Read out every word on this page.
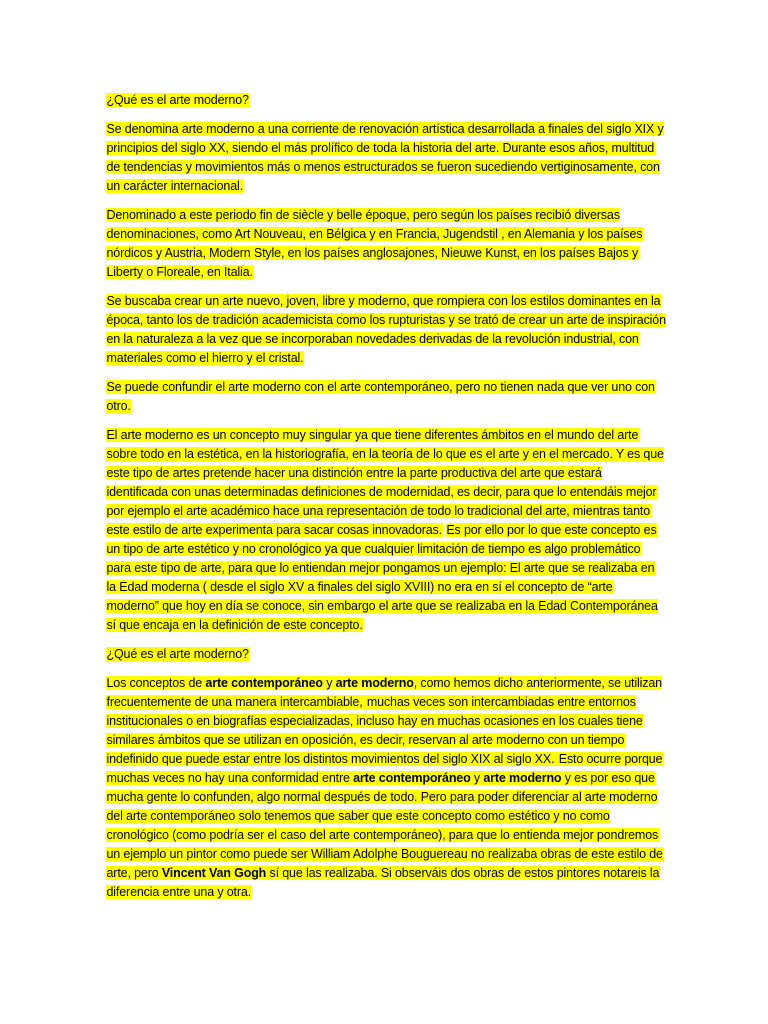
¿Qué es el arte moderno?

Se denomina arte moderno a una corriente de renovación artística desarrollada a finales del siglo XIX y principios del siglo XX, siendo el más prolífico de toda la historia del arte. Durante esos años, multitud de tendencias y movimientos más o menos estructurados se fueron sucediendo vertiginosamente, con un carácter internacional.

Denominado a este periodo fin de siècle y belle époque, pero según los países recibió diversas denominaciones, como Art Nouveau, en Bélgica y en Francia, Jugendstil , en Alemania y los países nórdicos y Austria, Modern Style, en los países anglosajones, Nieuwe Kunst, en los países Bajos y Liberty o Floreale, en Italia.

Se buscaba crear un arte nuevo, joven, libre y moderno, que rompiera con los estilos dominantes en la época, tanto los de tradición academicista como los rupturistas y se trató de crear un arte de inspiración en la naturaleza a la vez que se incorporaban novedades derivadas de la revolución industrial, con materiales como el hierro y el cristal.

Se puede confundir el arte moderno con el arte contemporáneo, pero no tienen nada que ver uno con otro.

El arte moderno es un concepto muy singular ya que tiene diferentes ámbitos en el mundo del arte sobre todo en la estética, en la historiografía, en la teoría de lo que es el arte y en el mercado. Y es que este tipo de artes pretende hacer una distinción entre la parte productiva del arte que estará identificada con unas determinadas definiciones de modernidad, es decir, para que lo entendáis mejor por ejemplo el arte académico hace una representación de todo lo tradicional del arte, mientras tanto este estilo de arte experimenta para sacar cosas innovadoras. Es por ello por lo que este concepto es un tipo de arte estético y no cronológico ya que cualquier limitación de tiempo es algo problemático para este tipo de arte, para que lo entiendan mejor pongamos un ejemplo: El arte que se realizaba en la Edad moderna ( desde el siglo XV a finales del siglo XVIII) no era en sí el concepto de “arte moderno” que hoy en día se conoce, sin embargo el arte que se realizaba en la Edad Contemporánea sí que encaja en la definición de este concepto.

¿Qué es el arte moderno?

Los conceptos de arte contemporáneo y arte moderno, como hemos dicho anteriormente, se utilizan frecuentemente de una manera intercambiable, muchas veces son intercambiadas entre entornos institucionales o en biografías especializadas, incluso hay en muchas ocasiones en los cuales tiene similares ámbitos que se utilizan en oposición, es decir, reservan al arte moderno con un tiempo indefinido que puede estar entre los distintos movimientos del siglo XIX al siglo XX. Esto ocurre porque muchas veces no hay una conformidad entre arte contemporáneo y arte moderno y es por eso que mucha gente lo confunden, algo normal después de todo. Pero para poder diferenciar al arte moderno del arte contemporáneo solo tenemos que saber que este concepto como estético y no como cronológico (como podría ser el caso del arte contemporáneo), para que lo entienda mejor pondremos un ejemplo un pintor como puede ser William Adolphe Bouguereau no realizaba obras de este estilo de arte, pero Vincent Van Gogh sí que las realizaba. Si observáis dos obras de estos pintores notareis la diferencia entre una y otra.
